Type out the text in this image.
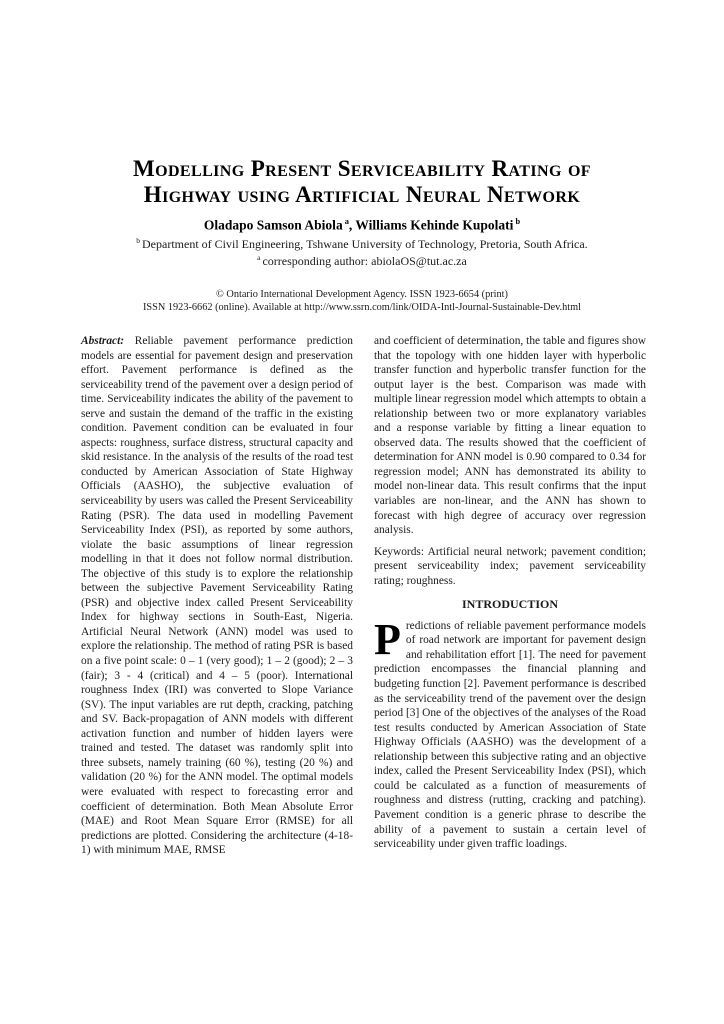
Modelling Present Serviceability Rating of
Highway using Artificial Neural Network
Oladapo Samson Abiola $^a$, Williams Kehinde Kupolati $^b$
$^b$ Department of Civil Engineering, Tshwane University of Technology, Pretoria, South Africa.
$^a$ corresponding author: abiolaOS@tut.ac.za
© Ontario International Development Agency. ISSN 1923-6654 (print)
ISSN 1923-6662 (online). Available at http://www.ssrn.com/link/OIDA-Intl-Journal-Sustainable-Dev.html

Abstract: Reliable pavement performance prediction models are essential for pavement design and preservation effort. Pavement performance is defined as the serviceability trend of the pavement over a design period of time. Serviceability indicates the ability of the pavement to serve and sustain the demand of the traffic in the existing condition. Pavement condition can be evaluated in four aspects: roughness, surface distress, structural capacity and skid resistance. In the analysis of the results of the road test conducted by American Association of State Highway Officials (AASHO), the subjective evaluation of serviceability by users was called the Present Serviceability Rating (PSR). The data used in modelling Pavement Serviceability Index (PSI), as reported by some authors, violate the basic assumptions of linear regression modelling in that it does not follow normal distribution. The objective of this study is to explore the relationship between the subjective Pavement Serviceability Rating (PSR) and objective index called Present Serviceability Index for highway sections in South-East, Nigeria. Artificial Neural Network (ANN) model was used to explore the relationship. The method of rating PSR is based on a five point scale: 0 – 1 (very good); 1 – 2 (good); 2 – 3 (fair); 3 - 4 (critical) and 4 – 5 (poor). International roughness Index (IRI) was converted to Slope Variance (SV). The input variables are rut depth, cracking, patching and SV. Back-propagation of ANN models with different activation function and number of hidden layers were trained and tested. The dataset was randomly split into three subsets, namely training (60 %), testing (20 %) and validation (20 %) for the ANN model. The optimal models were evaluated with respect to forecasting error and coefficient of determination. Both Mean Absolute Error (MAE) and Root Mean Square Error (RMSE) for all predictions are plotted. Considering the architecture (4-18-1) with minimum MAE, RMSE

and coefficient of determination, the table and figures show that the topology with one hidden layer with hyperbolic transfer function and hyperbolic transfer function for the output layer is the best. Comparison was made with multiple linear regression model which attempts to obtain a relationship between two or more explanatory variables and a response variable by fitting a linear equation to observed data. The results showed that the coefficient of determination for ANN model is 0.90 compared to 0.34 for regression model; ANN has demonstrated its ability to model non-linear data. This result confirms that the input variables are non-linear, and the ANN has shown to forecast with high degree of accuracy over regression analysis.

Keywords: Artificial neural network; pavement condition; present serviceability index; pavement serviceability rating; roughness.

INTRODUCTION

Predictions of reliable pavement performance models of road network are important for pavement design and rehabilitation effort [1]. The need for pavement prediction encompasses the financial planning and budgeting function [2]. Pavement performance is described as the serviceability trend of the pavement over the design period [3] One of the objectives of the analyses of the Road test results conducted by American Association of State Highway Officials (AASHO) was the development of a relationship between this subjective rating and an objective index, called the Present Serviceability Index (PSI), which could be calculated as a function of measurements of roughness and distress (rutting, cracking and patching). Pavement condition is a generic phrase to describe the ability of a pavement to sustain a certain level of serviceability under given traffic loadings.
